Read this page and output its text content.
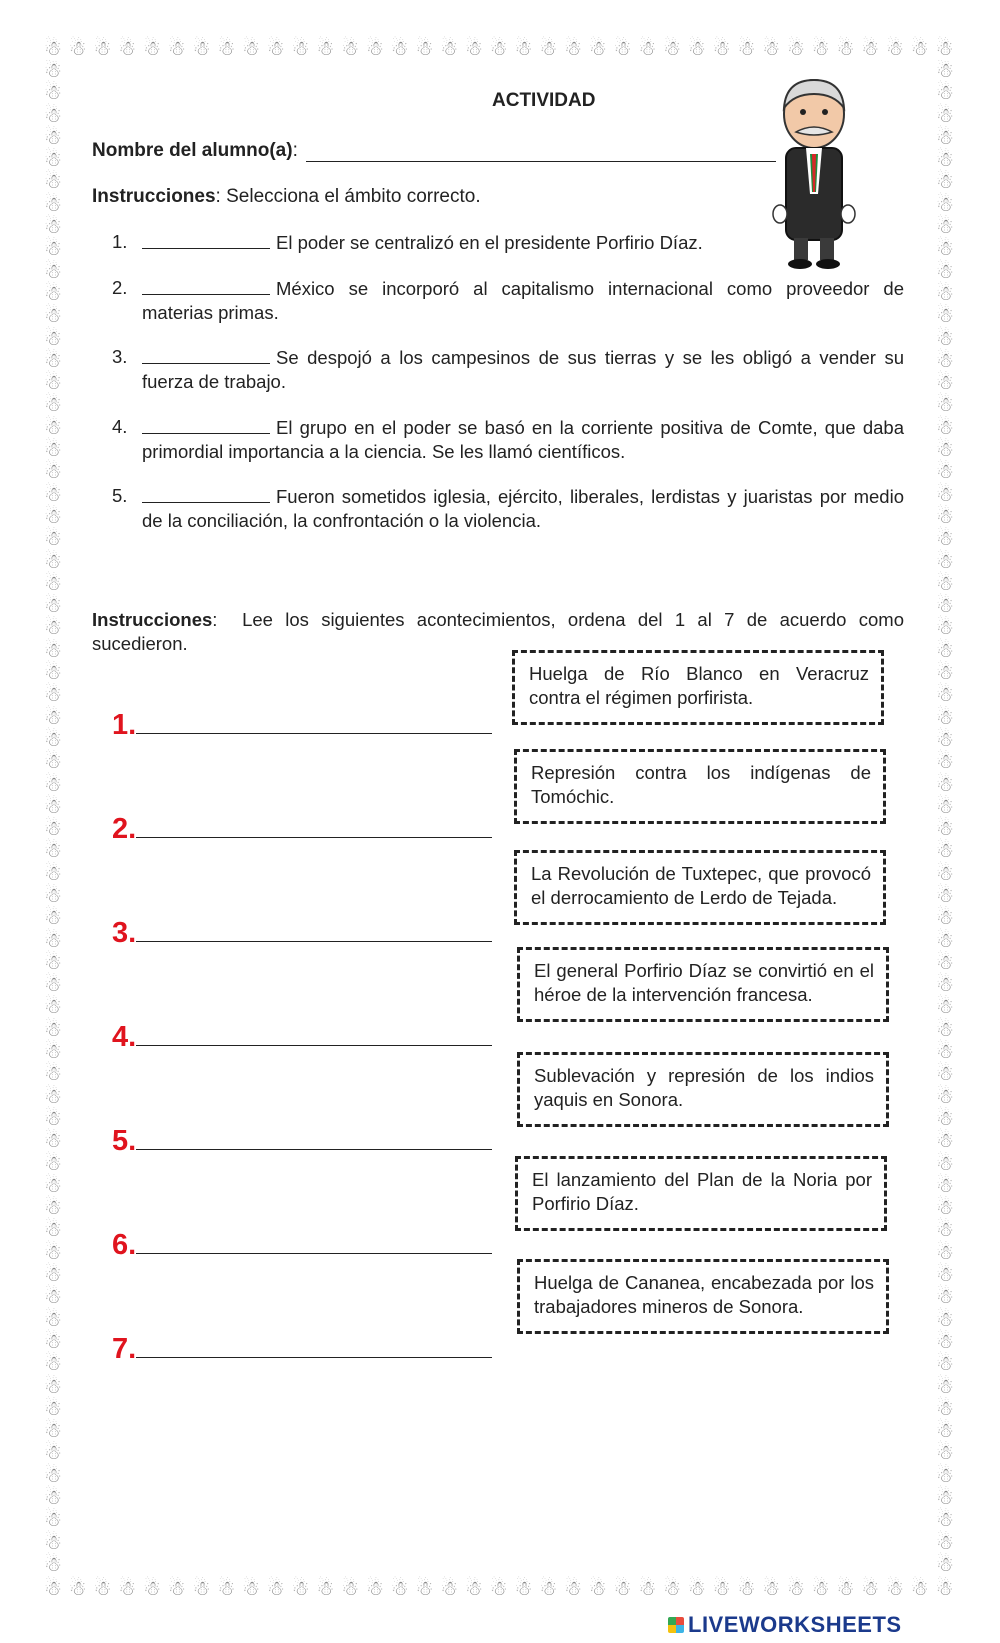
☃ ☃ ☃ ☃ ☃ ☃ ☃ ☃ ☃ ☃ ☃ ☃ ☃ ☃ ☃ ☃ ☃ ☃ ☃ ☃ ☃ ☃ ☃ ☃ ☃ ☃ ☃ ☃ ☃ ☃ ☃ ☃ ☃ ☃ ☃ ☃ ☃
☃ ☃ ☃ ☃ ☃ ☃ ☃ ☃ ☃ ☃ ☃ ☃ ☃ ☃ ☃ ☃ ☃ ☃ ☃ ☃ ☃ ☃ ☃ ☃ ☃ ☃ ☃ ☃ ☃ ☃ ☃ ☃ ☃ ☃ ☃ ☃ ☃
☃
☃
☃
☃
☃
☃
☃
☃
☃
☃
☃
☃
☃
☃
☃
☃
☃
☃
☃
☃
☃
☃
☃
☃
☃
☃
☃
☃
☃
☃
☃
☃
☃
☃
☃
☃
☃
☃
☃
☃
☃
☃
☃
☃
☃
☃
☃
☃
☃
☃
☃
☃
☃
☃
☃
☃
☃
☃
☃
☃
☃
☃
☃
☃
☃
☃
☃
☃
☃
☃
☃
☃
☃
☃
☃
☃
☃
☃
☃
☃
☃
☃
☃
☃
☃
☃
☃
☃
☃
☃
☃
☃
☃
☃
☃
☃
☃
☃
☃
☃
☃
☃
☃
☃
☃
☃
☃
☃
☃
☃
☃
☃
☃
☃
☃
☃
☃
☃
☃
☃
☃
☃
☃
☃
☃
☃
☃
☃
☃
☃
☃
☃
☃
☃
☃
☃
ACTIVIDAD
Nombre del alumno(a):
Instrucciones: Selecciona el ámbito correcto.
1.	El poder se centralizó en el presidente Porfirio Díaz.
2.	México se incorporó al capitalismo internacional como proveedor de materias primas.
3.	Se despojó a los campesinos de sus tierras y se les obligó a vender su fuerza de trabajo.
4.	El grupo en el poder se basó en la corriente positiva de Comte, que daba primordial importancia a la ciencia. Se les llamó científicos.
5.	Fueron sometidos iglesia, ejército, liberales, lerdistas y juaristas por medio de la conciliación, la confrontación o la violencia.
Instrucciones:  Lee los siguientes acontecimientos, ordena del 1 al 7 de acuerdo como sucedieron.
1.
2.
3.
4.
5.
6.
7.
Huelga de Río Blanco en Veracruz contra el régimen porfirista.
Represión contra los indígenas de Tomóchic.
La Revolución de Tuxtepec, que provocó el derrocamiento de Lerdo de Tejada.
El general Porfirio Díaz se convirtió en el héroe de la intervención francesa.
Sublevación y represión de los indios yaquis en Sonora.
El lanzamiento del Plan de la Noria por Porfirio Díaz.
Huelga de Cananea, encabezada por los trabajadores mineros de Sonora.
LIVEWORKSHEETS
